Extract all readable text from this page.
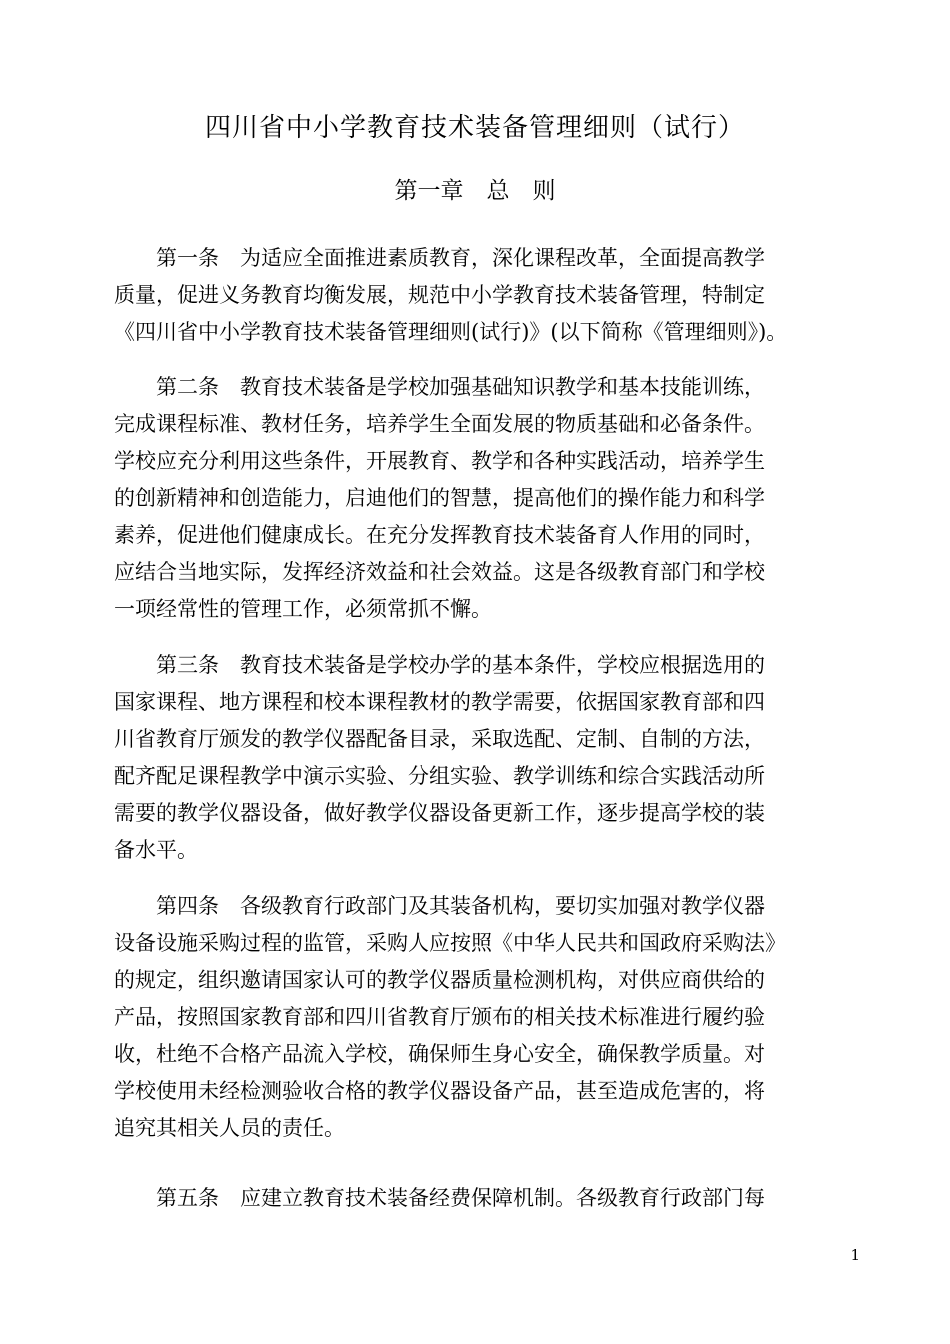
四川省中小学教育技术装备管理细则（试行）
第一章　总　则

　　第一条　为适应全面推进素质教育，深化课程改革，全面提高教学
质量，促进义务教育均衡发展，规范中小学教育技术装备管理，特制定
《四川省中小学教育技术装备管理细则(试行)》(以下简称《管理细则》)。

　　第二条　教育技术装备是学校加强基础知识教学和基本技能训练，
完成课程标准、教材任务，培养学生全面发展的物质基础和必备条件。
学校应充分利用这些条件，开展教育、教学和各种实践活动，培养学生
的创新精神和创造能力，启迪他们的智慧，提高他们的操作能力和科学
素养，促进他们健康成长。在充分发挥教育技术装备育人作用的同时，
应结合当地实际，发挥经济效益和社会效益。这是各级教育部门和学校
一项经常性的管理工作，必须常抓不懈。

　　第三条　教育技术装备是学校办学的基本条件，学校应根据选用的
国家课程、地方课程和校本课程教材的教学需要，依据国家教育部和四
川省教育厅颁发的教学仪器配备目录，采取选配、定制、自制的方法，
配齐配足课程教学中演示实验、分组实验、教学训练和综合实践活动所
需要的教学仪器设备，做好教学仪器设备更新工作，逐步提高学校的装
备水平。

　　第四条　各级教育行政部门及其装备机构，要切实加强对教学仪器
设备设施采购过程的监管，采购人应按照《中华人民共和国政府采购法》
的规定，组织邀请国家认可的教学仪器质量检测机构，对供应商供给的
产品，按照国家教育部和四川省教育厅颁布的相关技术标准进行履约验
收，杜绝不合格产品流入学校，确保师生身心安全，确保教学质量。对
学校使用未经检测验收合格的教学仪器设备产品，甚至造成危害的，将
追究其相关人员的责任。

　　第五条　应建立教育技术装备经费保障机制。各级教育行政部门每

1
